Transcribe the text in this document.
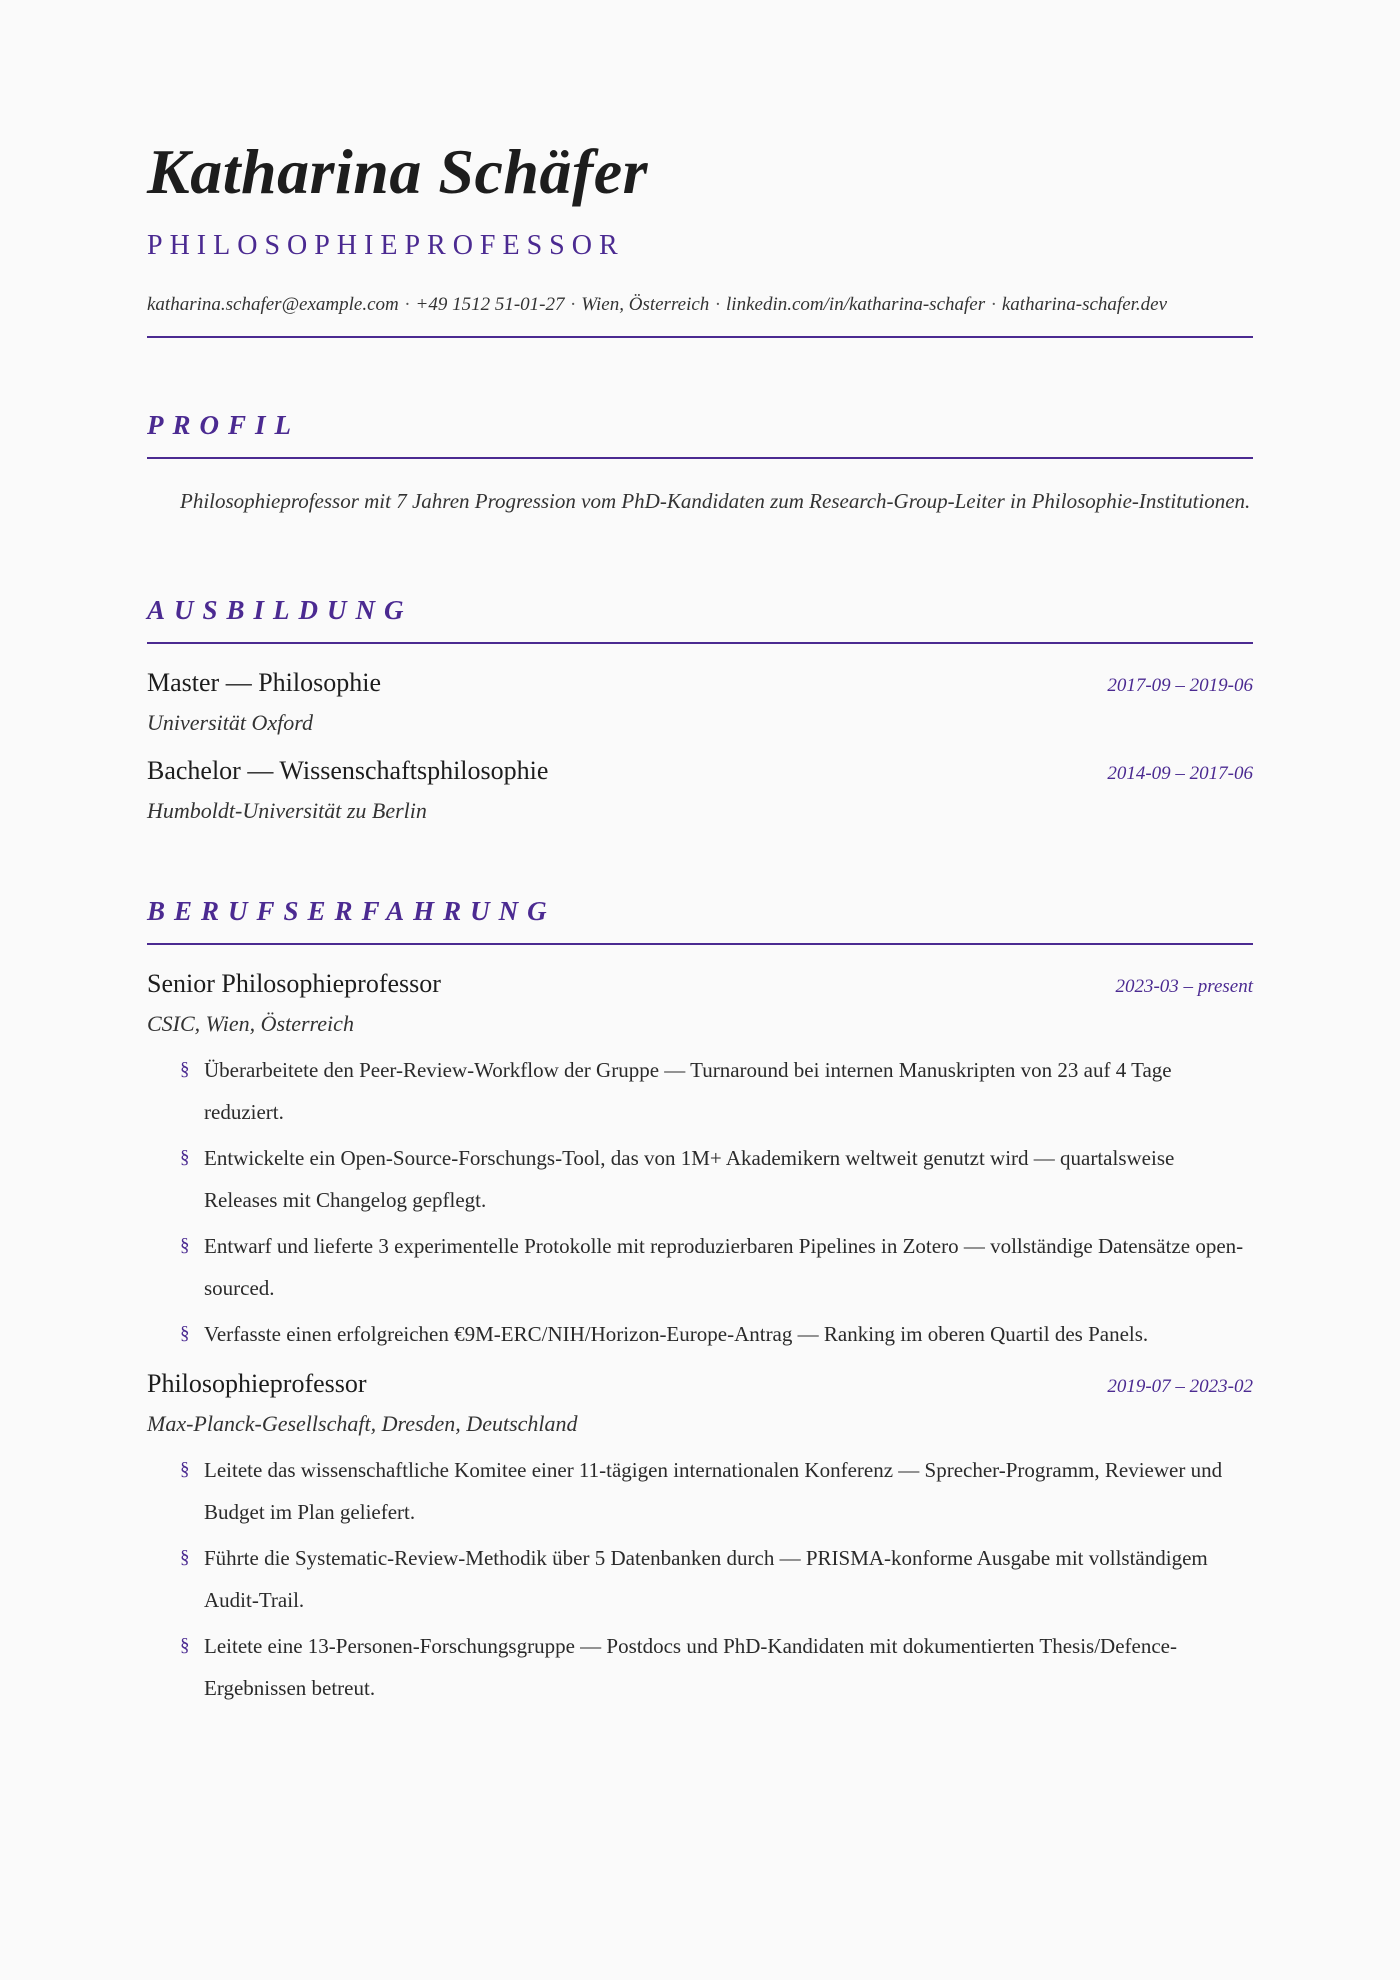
Katharina Schäfer
PHILOSOPHIEPROFESSOR
katharina.schafer@example.com · +49 1512 51-01-27 · Wien, Österreich · linkedin.com/in/katharina-schafer · katharina-schafer.dev
PROFIL
Philosophieprofessor mit 7 Jahren Progression vom PhD-Kandidaten zum Research-Group-Leiter in Philosophie-Institutionen.
AUSBILDUNG
Master — Philosophie	2017-09 – 2019-06
Universität Oxford
Bachelor — Wissenschaftsphilosophie	2014-09 – 2017-06
Humboldt-Universität zu Berlin
BERUFSERFAHRUNG
Senior Philosophieprofessor	2023-03 – present
CSIC, Wien, Österreich
§ Überarbeitete den Peer-Review-Workflow der Gruppe — Turnaround bei internen Manuskripten von 23 auf 4 Tage reduziert.
§ Entwickelte ein Open-Source-Forschungs-Tool, das von 1M+ Akademikern weltweit genutzt wird — quartalsweise Releases mit Changelog gepflegt.
§ Entwarf und lieferte 3 experimentelle Protokolle mit reproduzierbaren Pipelines in Zotero — vollständige Datensätze open-sourced.
§ Verfasste einen erfolgreichen €9M-ERC/NIH/Horizon-Europe-Antrag — Ranking im oberen Quartil des Panels.
Philosophieprofessor	2019-07 – 2023-02
Max-Planck-Gesellschaft, Dresden, Deutschland
§ Leitete das wissenschaftliche Komitee einer 11-tägigen internationalen Konferenz — Sprecher-Programm, Reviewer und Budget im Plan geliefert.
§ Führte die Systematic-Review-Methodik über 5 Datenbanken durch — PRISMA-konforme Ausgabe mit vollständigem Audit-Trail.
§ Leitete eine 13-Personen-Forschungsgruppe — Postdocs und PhD-Kandidaten mit dokumentierten Thesis/Defence-Ergebnissen betreut.
